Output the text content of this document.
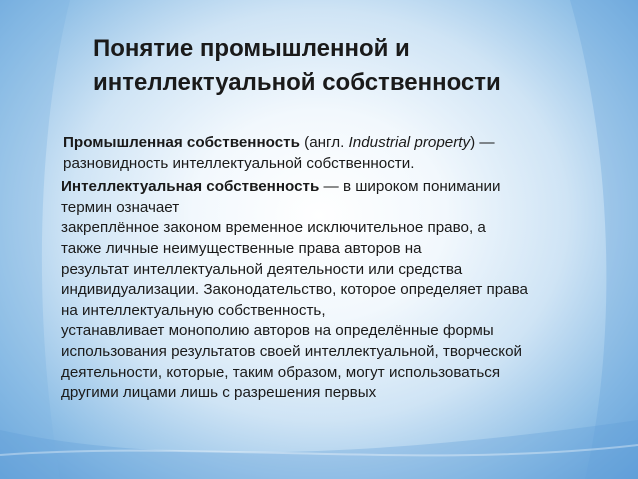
Понятие промышленной и
интеллектуальной собственности
Промышленная собственность (англ. Industrial property) —
разновидность интеллектуальной собственности.
Интеллектуальная собственность — в широком понимании
термин означает
закреплённое законом временное исключительное право, а
также личные неимущественные права авторов на
результат интеллектуальной деятельности или средства
индивидуализации. Законодательство, которое определяет права
на интеллектуальную собственность,
устанавливает монополию авторов на определённые формы
использования результатов своей интеллектуальной, творческой
деятельности, которые, таким образом, могут использоваться
другими лицами лишь с разрешения первых
